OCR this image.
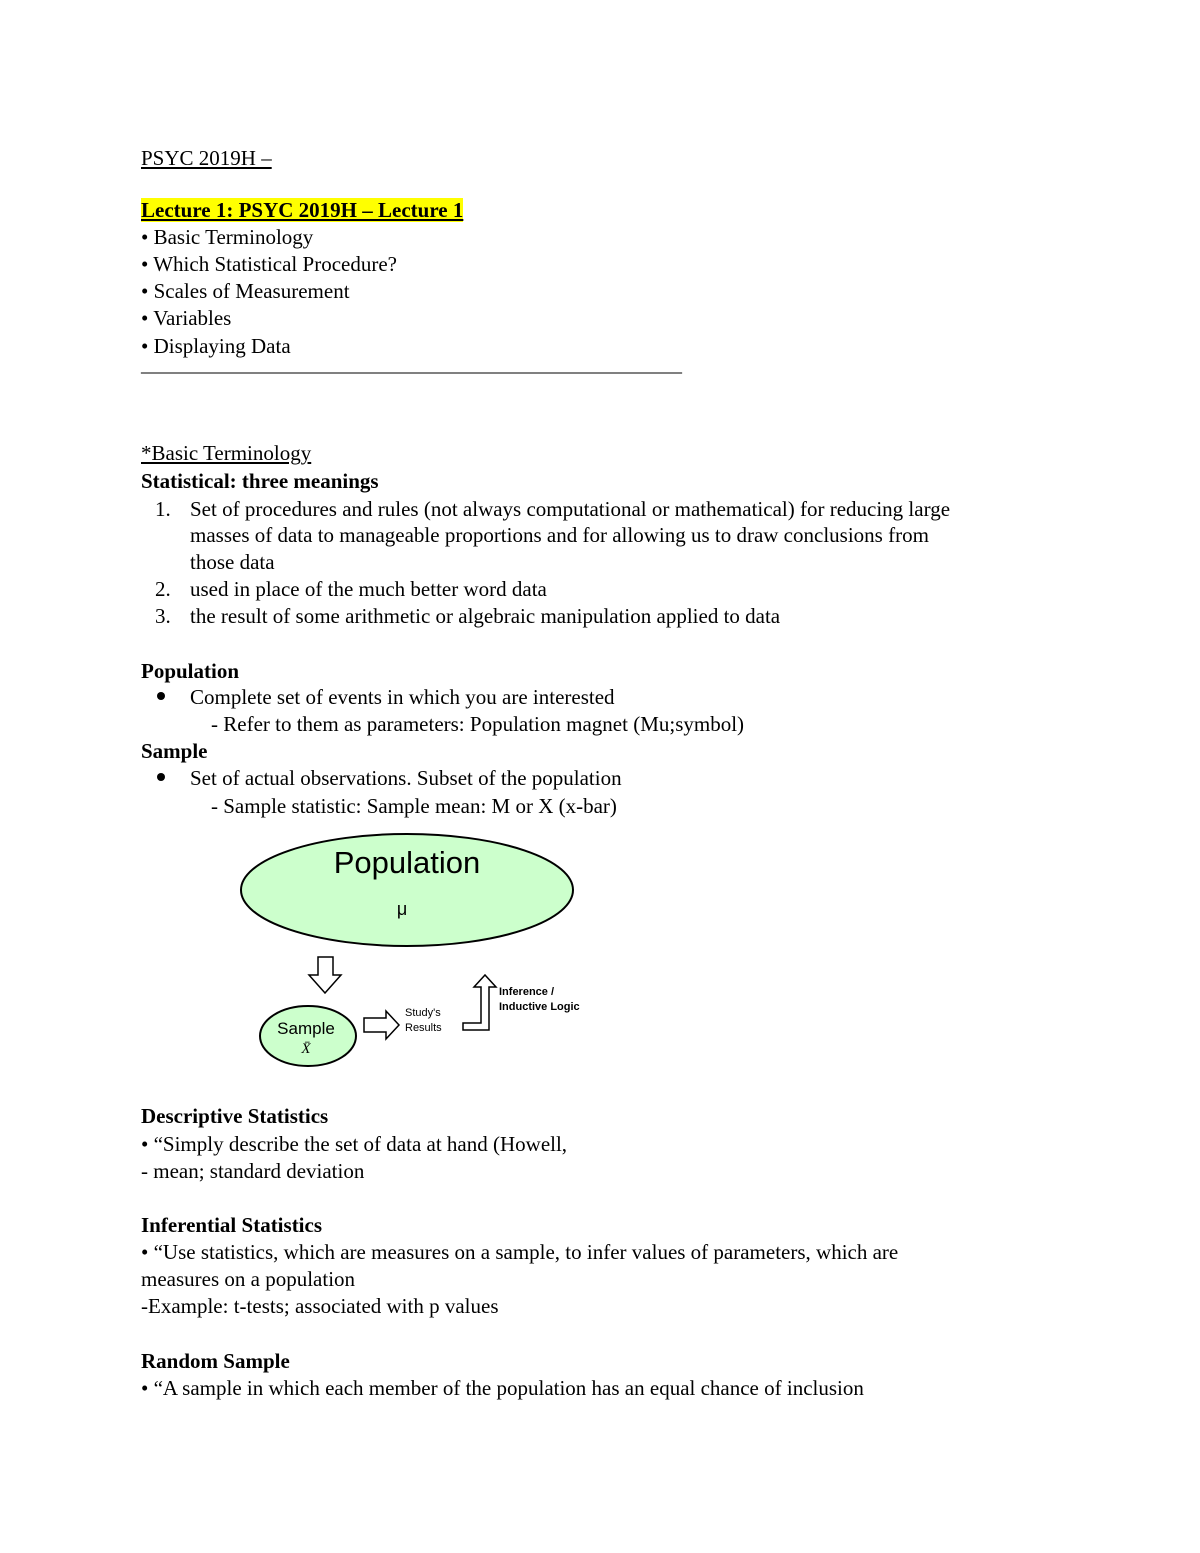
PSYC 2019H –
Lecture 1: PSYC 2019H – Lecture 1
• Basic Terminology
• Which Statistical Procedure?
• Scales of Measurement
• Variables
• Displaying Data
———————————————————————————
*Basic Terminology
Statistical: three meanings
1. Set of procedures and rules (not always computational or mathematical) for reducing large
masses of data to manageable proportions and for allowing us to draw conclusions from
those data
2. used in place of the much better word data
3. the result of some arithmetic or algebraic manipulation applied to data
Population
Complete set of events in which you are interested
- Refer to them as parameters: Population magnet (Mu;symbol)
Sample
Set of actual observations. Subset of the population
- Sample statistic: Sample mean: M or X (x-bar)
Population
μ
Sample
X̄
Study's
Results
Inference /
Inductive Logic
Descriptive Statistics
• “Simply describe the set of data at hand (Howell,
- mean; standard deviation
Inferential Statistics
• “Use statistics, which are measures on a sample, to infer values of parameters, which are
measures on a population
-Example: t-tests; associated with p values
Random Sample
• “A sample in which each member of the population has an equal chance of inclusion
